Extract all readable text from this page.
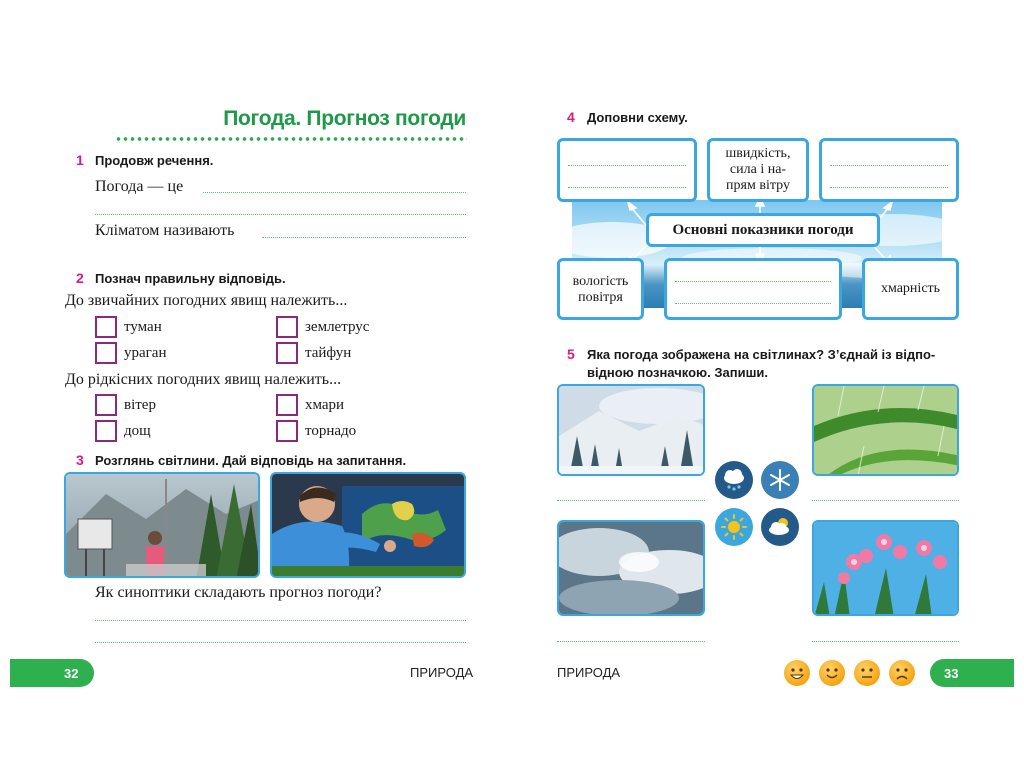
Погода. Прогноз погоди
1 Продовж речення.
Погода — це
Кліматом називають
2 Познач правильну відповідь.
До звичайних погодних явищ належить...
туман	землетрус
ураган	тайфун
До рідкісних погодних явищ належить...
вітер	хмари
дощ	торнадо
3 Розглянь світлини. Дай відповідь на запитання.
Як синоптики складають прогноз погоди?
32	ПРИРОДА
4 Доповни схему.
швидкість,
сила і на-
прям вітру
Основні показники погоди
вологість
повітря
хмарність
5 Яка погода зображена на світлинах? З’єднай із відпо-
відною позначкою. Запиши.
ПРИРОДА	33
